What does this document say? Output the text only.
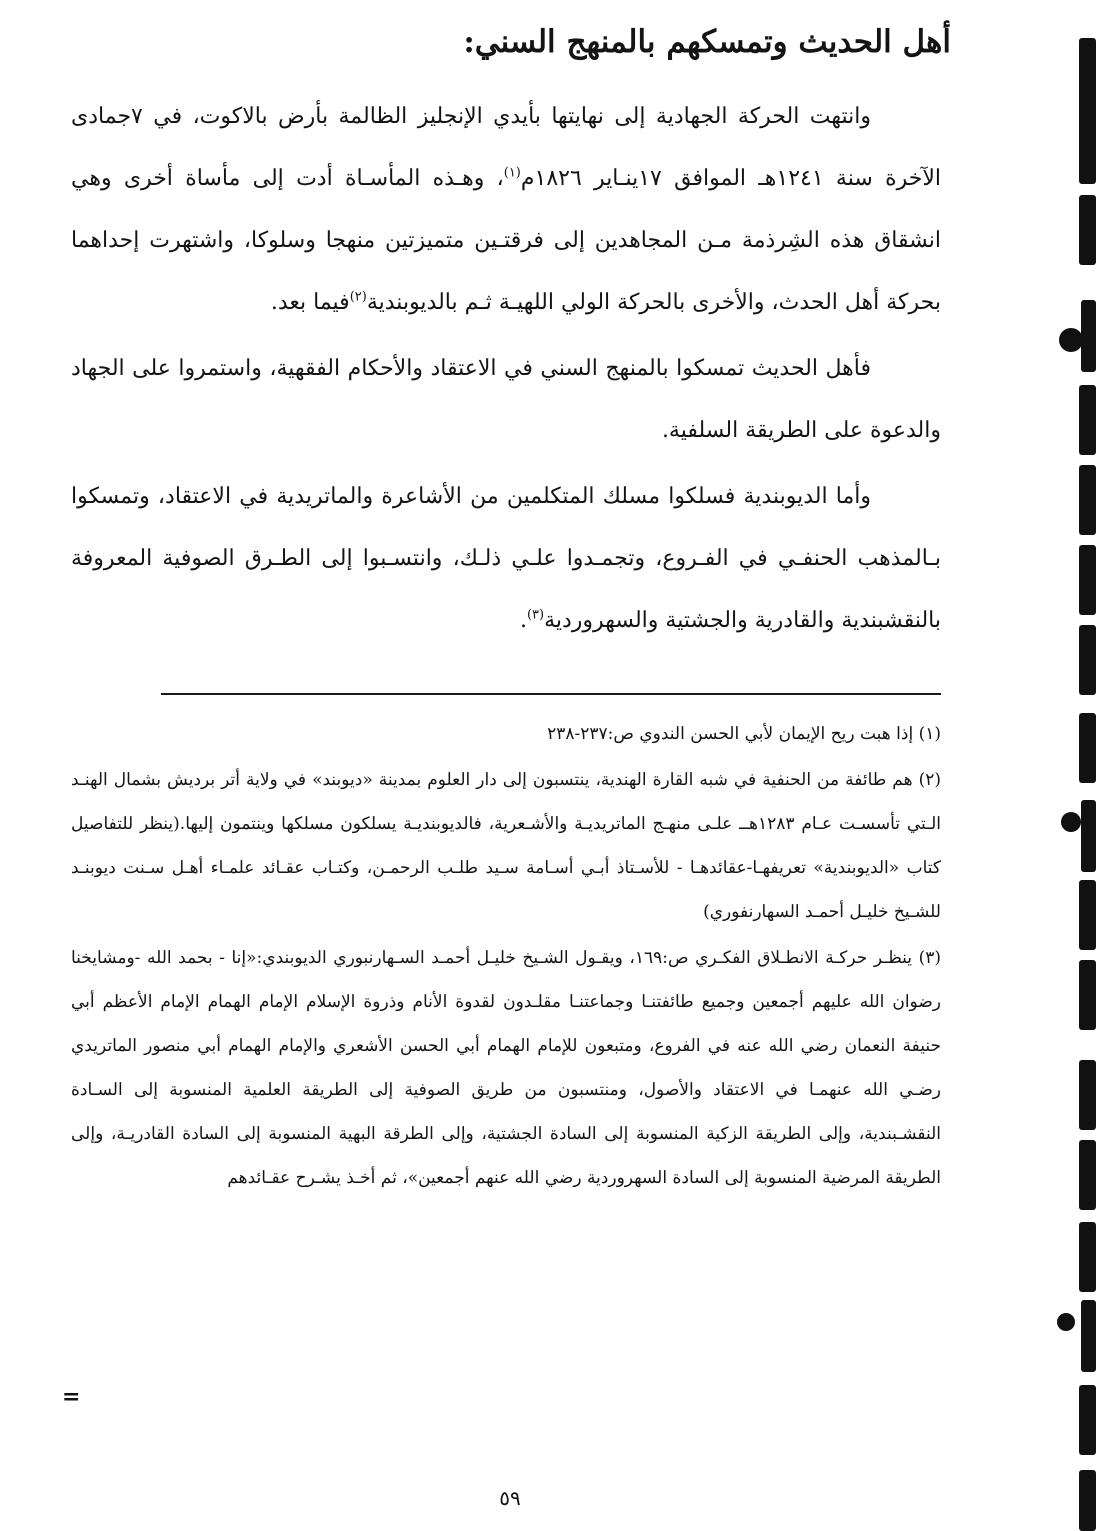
أهل الحديث وتمسكهم بالمنهج السني:

وانتهت الحركة الجهادية إلى نهايتها بأيدي الإنجليز الظالمة بأرض بالاكوت، في ٧جمادى الآخرة سنة ١٢٤١هـ الموافق ١٧ينـاير ١٨٢٦م$^{(١)}$، وهـذه المأسـاة أدت إلى مأساة أخرى وهي انشقاق هذه الشِرذمة مـن المجاهدين إلى فرقتـين متميزتين منهجا وسلوكا، واشتهرت إحداهما بحركة أهل الحدث، والأخرى بالحركة الولي اللهيـة ثـم بالديوبندية$^{(٢)}$فيما بعد.

فأهل الحديث تمسكوا بالمنهج السني في الاعتقاد والأحكام الفقهية، واستمروا على الجهاد والدعوة على الطريقة السلفية.

وأما الديوبندية فسلكوا مسلك المتكلمين من الأشاعرة والماتريدية في الاعتقاد، وتمسكوا بـالمذهب الحنفـي في الفـروع، وتجمـدوا علـي ذلـك، وانتسـبوا إلى الطـرق الصوفية المعروفة بالنقشبندية والقادرية والجشتية والسهروردية$^{(٣)}$.

(١) إذا هبت ريح الإيمان لأبي الحسن الندوي ص:٢٣٧-٢٣٨

(٢) هم طائفة من الحنفية في شبه القارة الهندية، ينتسبون إلى دار العلوم بمدينة «ديوبند» في ولاية أتر برديش بشمال الهنـد الـتي تأسسـت عـام ١٢٨٣هــ علـى منهـج الماتريديـة والأشـعرية، فالديوبنديـة يسلكون مسلكها وينتمون إليها.(ينظر للتفاصيل كتاب «الديوبندية» تعريفهـا-عقائدهـا - للأسـتاذ أبـي أسـامة سـيد طلـب الرحمـن، وكتـاب عقـائد علمـاء أهـل سـنت ديوبنـد للشـيخ خليـل أحمـد السهارنفوري)

(٣) ينظـر حركـة الانطـلاق الفكـري ص:١٦٩، ويقـول الشـيخ خليـل أحمـد السـهارنبوري الديوبندي:«إنا - بحمد الله -ومشايخنا رضوان الله عليهم أجمعين وجميع طائفتنـا وجماعتنـا مقلـدون لقدوة الأنام وذروة الإسلام الإمام الهمام الإمام الأعظم أبي حنيفة النعمان رضي الله عنه في الفروع، ومتبعون للإمام الهمام أبي الحسن الأشعري والإمام الهمام أبي منصور الماتريدي رضـي الله عنهمـا في الاعتقاد والأصول، ومنتسبون من طريق الصوفية إلى الطريقة العلمية المنسوبة إلى السـادة النقشـبندية، وإلى الطريقة الزكية المنسوبة إلى السادة الجشتية، وإلى الطرقة البهية المنسوبة إلى السادة القادريـة، وإلى الطريقة المرضية المنسوبة إلى السادة السهروردية رضي الله عنهم أجمعين»، ثم أخـذ يشـرح عقـائدهم

=
٥٩
